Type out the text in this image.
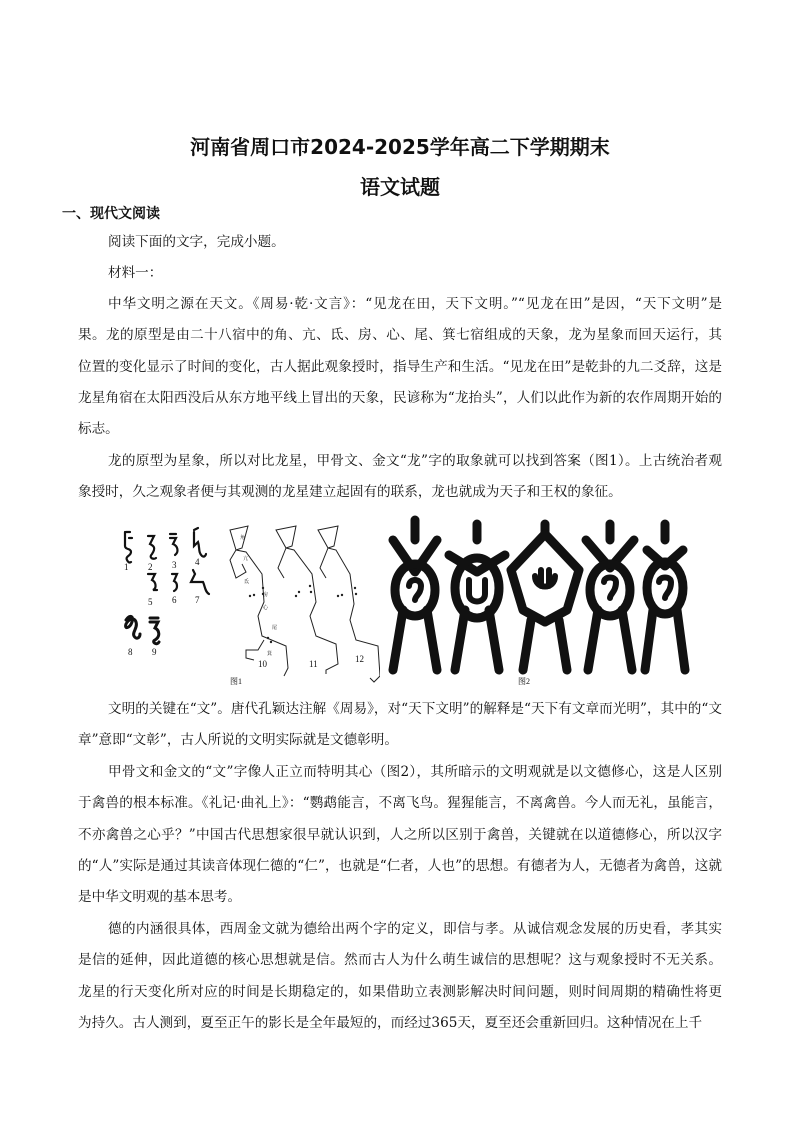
河南省周口市2024-2025学年高二下学期期末
语文试题
一、现代文阅读
阅读下面的文字，完成小题。
材料一：
中华文明之源在天文。《周易·乾·文言》：“见龙在田，天下文明。”“见龙在田”是因，“天下文明”是
果。龙的原型是由二十八宿中的角、亢、氐、房、心、尾、箕七宿组成的天象，龙为星象而回天运行，其
位置的变化显示了时间的变化，古人据此观象授时，指导生产和生活。“见龙在田”是乾卦的九二爻辞，这是
龙星角宿在太阳西没后从东方地平线上冒出的天象，民谚称为“龙抬头”，人们以此作为新的农作周期开始的
标志。
龙的原型为星象，所以对比龙星，甲骨文、金文“龙”字的取象就可以找到答案（图1）。上古统治者观
象授时，久之观象者便与其观测的龙星建立起固有的联系，龙也就成为天子和王权的象征。
文明的关键在“文”。唐代孔颖达注解《周易》，对“天下文明”的解释是“天下有文章而光明”，其中的“文
章”意即“文彰”，古人所说的文明实际就是文德彰明。
甲骨文和金文的“文”字像人正立而特明其心（图2），其所暗示的文明观就是以文德修心，这是人区别
于禽兽的根本标准。《礼记·曲礼上》：“鹦鹉能言，不离飞鸟。猩猩能言，不离禽兽。今人而无礼，虽能言，
不亦禽兽之心乎？”中国古代思想家很早就认识到，人之所以区别于禽兽，关键就在以道德修心，所以汉字
的“人”实际是通过其读音体现仁德的“仁”，也就是“仁者，人也”的思想。有德者为人，无德者为禽兽，这就
是中华文明观的基本思考。
德的内涵很具体，西周金文就为德给出两个字的定义，即信与孝。从诚信观念发展的历史看，孝其实
是信的延伸，因此道德的核心思想就是信。然而古人为什么萌生诚信的思想呢？这与观象授时不无关系。
龙星的行天变化所对应的时间是长期稳定的，如果借助立表测影解决时间问题，则时间周期的精确性将更
为持久。古人测到，夏至正午的影长是全年最短的，而经过365天，夏至还会重新回归。这种情况在上千
1 2 3 4
5 6 7
8 9
10	11	12
图1
角
亢
氐
房
心
尾
箕
图2
